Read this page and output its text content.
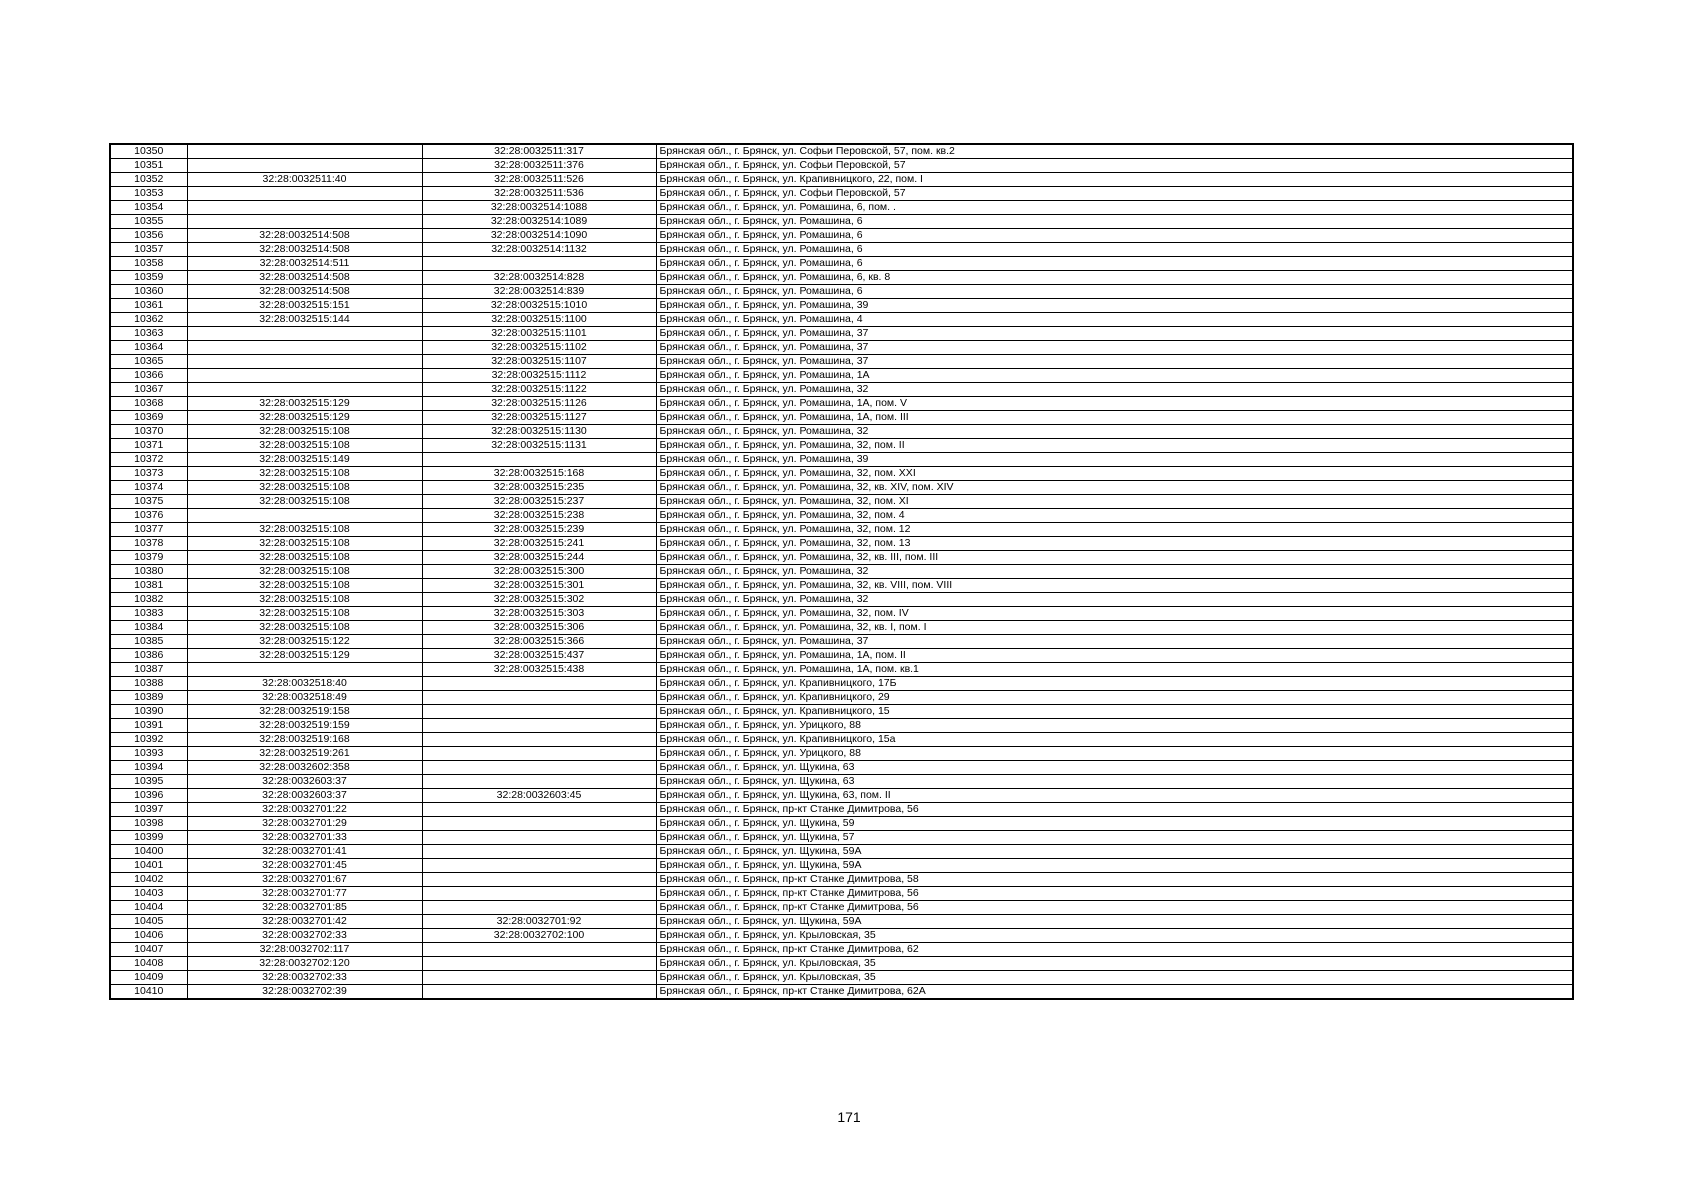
10350		32:28:0032511:317	Брянская обл., г. Брянск, ул. Софьи Перовской, 57, пом. кв.2
10351		32:28:0032511:376	Брянская обл., г. Брянск, ул. Софьи Перовской, 57
10352	32:28:0032511:40	32:28:0032511:526	Брянская обл., г. Брянск, ул. Крапивницкого, 22, пом. I
10353		32:28:0032511:536	Брянская обл., г. Брянск, ул. Софьи Перовской, 57
10354		32:28:0032514:1088	Брянская обл., г. Брянск, ул. Ромашина, 6, пом. .
10355		32:28:0032514:1089	Брянская обл., г. Брянск, ул. Ромашина, 6
10356	32:28:0032514:508	32:28:0032514:1090	Брянская обл., г. Брянск, ул. Ромашина, 6
10357	32:28:0032514:508	32:28:0032514:1132	Брянская обл., г. Брянск, ул. Ромашина, 6
10358	32:28:0032514:511		Брянская обл., г. Брянск, ул. Ромашина, 6
10359	32:28:0032514:508	32:28:0032514:828	Брянская обл., г. Брянск, ул. Ромашина, 6, кв. 8
10360	32:28:0032514:508	32:28:0032514:839	Брянская обл., г. Брянск, ул. Ромашина, 6
10361	32:28:0032515:151	32:28:0032515:1010	Брянская обл., г. Брянск, ул. Ромашина, 39
10362	32:28:0032515:144	32:28:0032515:1100	Брянская обл., г. Брянск, ул. Ромашина, 4
10363		32:28:0032515:1101	Брянская обл., г. Брянск, ул. Ромашина, 37
10364		32:28:0032515:1102	Брянская обл., г. Брянск, ул. Ромашина, 37
10365		32:28:0032515:1107	Брянская обл., г. Брянск, ул. Ромашина, 37
10366		32:28:0032515:1112	Брянская обл., г. Брянск, ул. Ромашина, 1А
10367		32:28:0032515:1122	Брянская обл., г. Брянск, ул. Ромашина, 32
10368	32:28:0032515:129	32:28:0032515:1126	Брянская обл., г. Брянск, ул. Ромашина, 1А, пом. V
10369	32:28:0032515:129	32:28:0032515:1127	Брянская обл., г. Брянск, ул. Ромашина, 1А, пом. III
10370	32:28:0032515:108	32:28:0032515:1130	Брянская обл., г. Брянск, ул. Ромашина, 32
10371	32:28:0032515:108	32:28:0032515:1131	Брянская обл., г. Брянск, ул. Ромашина, 32, пом. II
10372	32:28:0032515:149		Брянская обл., г. Брянск, ул. Ромашина, 39
10373	32:28:0032515:108	32:28:0032515:168	Брянская обл., г. Брянск, ул. Ромашина, 32, пом. XXI
10374	32:28:0032515:108	32:28:0032515:235	Брянская обл., г. Брянск, ул. Ромашина, 32, кв. XIV, пом. XIV
10375	32:28:0032515:108	32:28:0032515:237	Брянская обл., г. Брянск, ул. Ромашина, 32, пом. XI
10376		32:28:0032515:238	Брянская обл., г. Брянск, ул. Ромашина, 32, пом. 4
10377	32:28:0032515:108	32:28:0032515:239	Брянская обл., г. Брянск, ул. Ромашина, 32, пом. 12
10378	32:28:0032515:108	32:28:0032515:241	Брянская обл., г. Брянск, ул. Ромашина, 32, пом. 13
10379	32:28:0032515:108	32:28:0032515:244	Брянская обл., г. Брянск, ул. Ромашина, 32, кв. III, пом. III
10380	32:28:0032515:108	32:28:0032515:300	Брянская обл., г. Брянск, ул. Ромашина, 32
10381	32:28:0032515:108	32:28:0032515:301	Брянская обл., г. Брянск, ул. Ромашина, 32, кв. VIII, пом. VIII
10382	32:28:0032515:108	32:28:0032515:302	Брянская обл., г. Брянск, ул. Ромашина, 32
10383	32:28:0032515:108	32:28:0032515:303	Брянская обл., г. Брянск, ул. Ромашина, 32, пом. IV
10384	32:28:0032515:108	32:28:0032515:306	Брянская обл., г. Брянск, ул. Ромашина, 32, кв. I, пом. I
10385	32:28:0032515:122	32:28:0032515:366	Брянская обл., г. Брянск, ул. Ромашина, 37
10386	32:28:0032515:129	32:28:0032515:437	Брянская обл., г. Брянск, ул. Ромашина, 1А, пом. II
10387		32:28:0032515:438	Брянская обл., г. Брянск, ул. Ромашина, 1А, пом. кв.1
10388	32:28:0032518:40		Брянская обл., г. Брянск, ул. Крапивницкого, 17Б
10389	32:28:0032518:49		Брянская обл., г. Брянск, ул. Крапивницкого, 29
10390	32:28:0032519:158		Брянская обл., г. Брянск, ул. Крапивницкого, 15
10391	32:28:0032519:159		Брянская обл., г. Брянск, ул. Урицкого, 88
10392	32:28:0032519:168		Брянская обл., г. Брянск, ул. Крапивницкого, 15а
10393	32:28:0032519:261		Брянская обл., г. Брянск, ул. Урицкого, 88
10394	32:28:0032602:358		Брянская обл., г. Брянск, ул. Щукина, 63
10395	32:28:0032603:37		Брянская обл., г. Брянск, ул. Щукина, 63
10396	32:28:0032603:37	32:28:0032603:45	Брянская обл., г. Брянск, ул. Щукина, 63, пом. II
10397	32:28:0032701:22		Брянская обл., г. Брянск, пр-кт Станке Димитрова, 56
10398	32:28:0032701:29		Брянская обл., г. Брянск, ул. Щукина, 59
10399	32:28:0032701:33		Брянская обл., г. Брянск, ул. Щукина, 57
10400	32:28:0032701:41		Брянская обл., г. Брянск, ул. Щукина, 59А
10401	32:28:0032701:45		Брянская обл., г. Брянск, ул. Щукина, 59А
10402	32:28:0032701:67		Брянская обл., г. Брянск, пр-кт Станке Димитрова, 58
10403	32:28:0032701:77		Брянская обл., г. Брянск, пр-кт Станке Димитрова, 56
10404	32:28:0032701:85		Брянская обл., г. Брянск, пр-кт Станке Димитрова, 56
10405	32:28:0032701:42	32:28:0032701:92	Брянская обл., г. Брянск, ул. Щукина, 59А
10406	32:28:0032702:33	32:28:0032702:100	Брянская обл., г. Брянск, ул. Крыловская, 35
10407	32:28:0032702:117		Брянская обл., г. Брянск, пр-кт Станке Димитрова, 62
10408	32:28:0032702:120		Брянская обл., г. Брянск, ул. Крыловская, 35
10409	32:28:0032702:33		Брянская обл., г. Брянск, ул. Крыловская, 35
10410	32:28:0032702:39		Брянская обл., г. Брянск, пр-кт Станке Димитрова, 62А
171
